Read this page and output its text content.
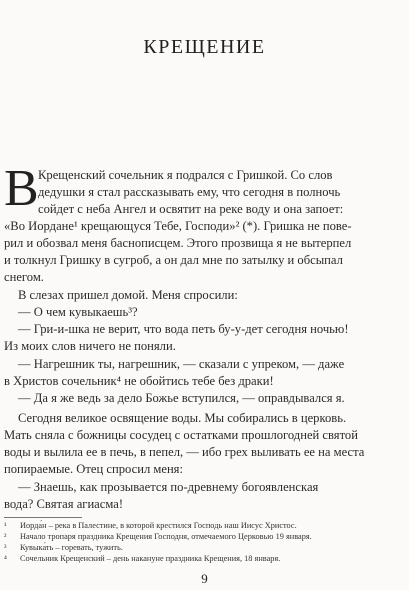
КРЕЩЕНИЕ
В Крещенский сочельник я подрался с Гришкой. Со слов
дедушки я стал рассказывать ему, что сегодня в полночь
сойдет с неба Ангел и освятит на реке воду и она запоет:
«Во Иордане¹ крещающуся Тебе, Господи»² (*). Гришка не пове-
рил и обозвал меня баснописцем. Этого прозвища я не вытерпел
и толкнул Гришку в сугроб, а он дал мне по затылку и обсыпал
снегом.
В слезах пришел домой. Меня спросили:
— О чем кувыкаешь³?
— Гри-и-шка не верит, что вода петь бу-у-дет сегодня ночью!
Из моих слов ничего не поняли.
— Нагрешник ты, нагрешник, — сказали с упреком, — даже
в Христов сочельник⁴ не обойтись тебе без драки!
— Да я же ведь за дело Божье вступился, — оправдывался я.
Сегодня великое освящение воды. Мы собирались в церковь.
Мать сняла с божницы сосудец с остатками прошлогодней святой
воды и вылила ее в печь, в пепел, — ибо грех выливать ее на места
попираемые. Отец спросил меня:
— Знаешь, как прозывается по-древнему богоявленская
вода? Святая агиасма!
¹ Иорда́н – река в Палестине, в которой крестился Господь наш Иисус Христос.
² Начало тропаря праздника Крещения Господня, отмечаемого Церковью 19 января.
³ Кувыка́ть – горевать, тужить.
⁴ Сочельник Крещенский – день накануне праздника Крещения, 18 января.
9
